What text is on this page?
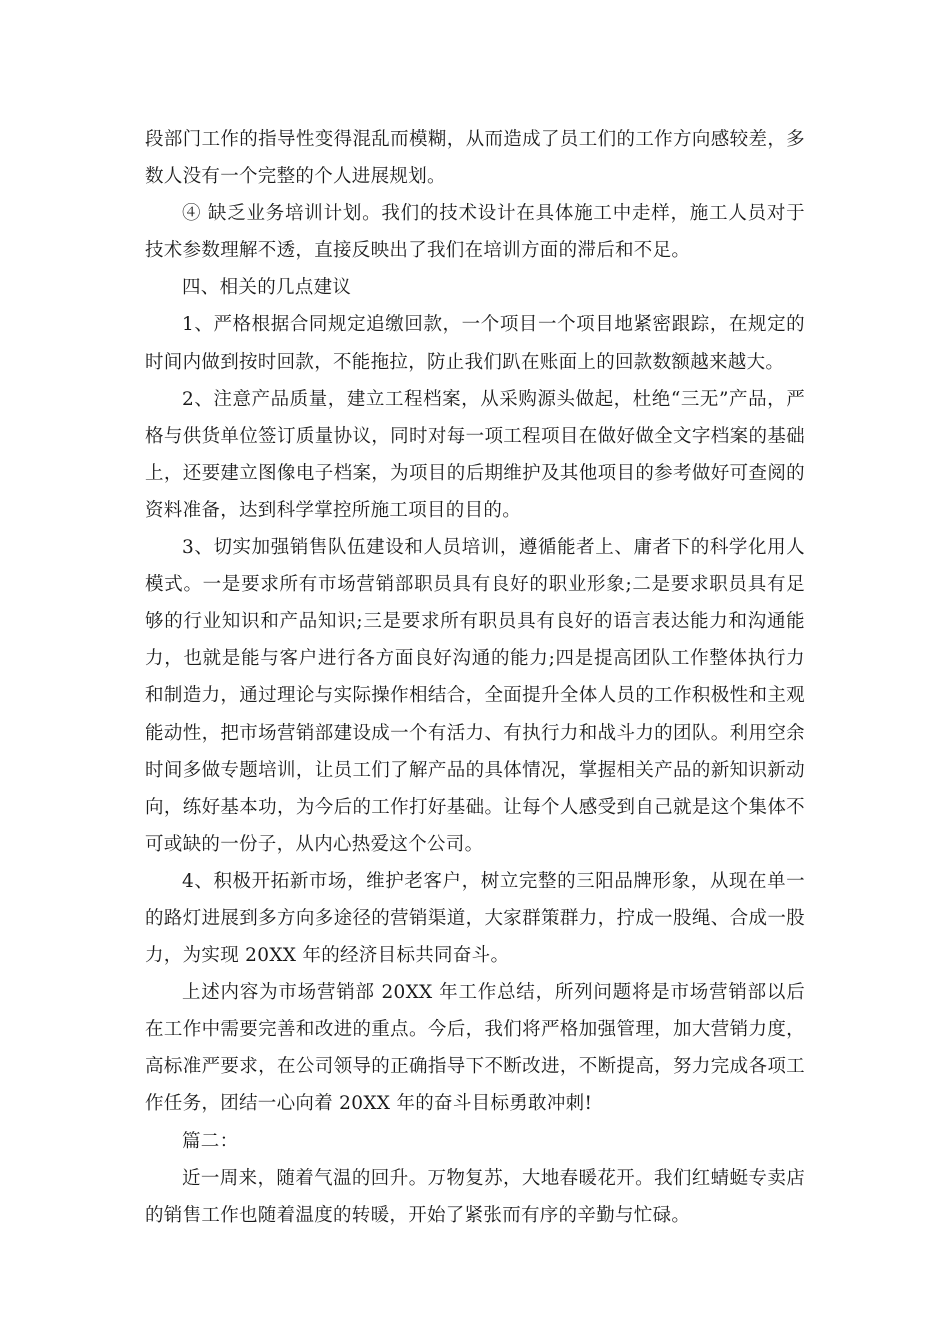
段部门工作的指导性变得混乱而模糊，从而造成了员工们的工作方向感较差，多数人没有一个完整的个人进展规划。

④ 缺乏业务培训计划。我们的技术设计在具体施工中走样，施工人员对于技术参数理解不透，直接反映出了我们在培训方面的滞后和不足。

四、相关的几点建议

1、严格根据合同规定追缴回款，一个项目一个项目地紧密跟踪，在规定的时间内做到按时回款，不能拖拉，防止我们趴在账面上的回款数额越来越大。

2、注意产品质量，建立工程档案，从采购源头做起，杜绝“三无”产品，严格与供货单位签订质量协议，同时对每一项工程项目在做好做全文字档案的基础上，还要建立图像电子档案，为项目的后期维护及其他项目的参考做好可查阅的资料准备，达到科学掌控所施工项目的目的。

3、切实加强销售队伍建设和人员培训，遵循能者上、庸者下的科学化用人模式。一是要求所有市场营销部职员具有良好的职业形象;二是要求职员具有足够的行业知识和产品知识;三是要求所有职员具有良好的语言表达能力和沟通能力，也就是能与客户进行各方面良好沟通的能力;四是提高团队工作整体执行力和制造力，通过理论与实际操作相结合，全面提升全体人员的工作积极性和主观能动性，把市场营销部建设成一个有活力、有执行力和战斗力的团队。利用空余时间多做专题培训，让员工们了解产品的具体情况，掌握相关产品的新知识新动向，练好基本功，为今后的工作打好基础。让每个人感受到自己就是这个集体不可或缺的一份子，从内心热爱这个公司。

4、积极开拓新市场，维护老客户，树立完整的三阳品牌形象，从现在单一的路灯进展到多方向多途径的营销渠道，大家群策群力，拧成一股绳、合成一股力，为实现 20XX 年的经济目标共同奋斗。

上述内容为市场营销部 20XX 年工作总结，所列问题将是市场营销部以后在工作中需要完善和改进的重点。今后，我们将严格加强管理，加大营销力度，高标准严要求，在公司领导的正确指导下不断改进，不断提高，努力完成各项工作任务，团结一心向着 20XX 年的奋斗目标勇敢冲刺!

篇二：

近一周来，随着气温的回升。万物复苏，大地春暖花开。我们红蜻蜓专卖店的销售工作也随着温度的转暖，开始了紧张而有序的辛勤与忙碌。
